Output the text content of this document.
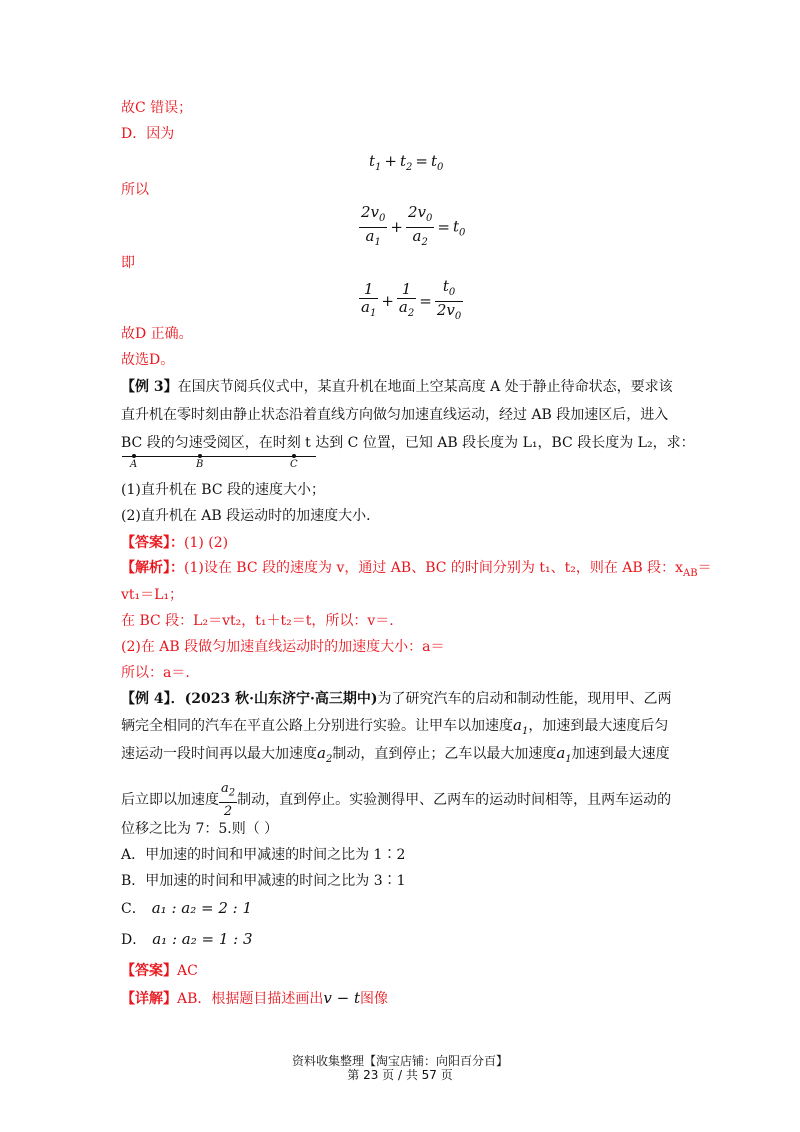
故C 错误；
D．因为
$t_1 + t_2 = t_0$
所以
$\frac{2v_0}{a_1} + \frac{2v_0}{a_2} = t_0$
即
$\frac{1}{a_1} + \frac{1}{a_2} = \frac{t_0}{2v_0}$
故D 正确。
故选D。
【例 3】在国庆节阅兵仪式中，某直升机在地面上空某高度 A 处于静止待命状态，要求该
直升机在零时刻由静止状态沿着直线方向做匀加速直线运动，经过 AB 段加速区后，进入
BC 段的匀速受阅区，在时刻 t 达到 C 位置，已知 AB 段长度为 L₁，BC 段长度为 L₂，求：
A	B	C
(1)直升机在 BC 段的速度大小；
(2)直升机在 AB 段运动时的加速度大小．
【答案】：(1) (2)
【解析】：(1)设在 BC 段的速度为 v，通过 AB、BC 的时间分别为 t₁、t₂，则在 AB 段：$x_{AB}=$
vt₁＝L₁；
在 BC 段：L₂＝vt₂，t₁＋t₂＝t，所以：v＝.
(2)在 AB 段做匀加速直线运动时的加速度大小：a＝
所以：a＝.
【例 4】．(2023 秋·山东济宁·高三期中)为了研究汽车的启动和制动性能，现用甲、乙两
辆完全相同的汽车在平直公路上分别进行实验。让甲车以加速度$a_1$，加速到最大速度后匀
速运动一段时间再以最大加速度$a_2$制动，直到停止；乙车以最大加速度$a_1$加速到最大速度
后立即以加速度 $\frac{a_2}{2}$ 制动，直到停止。实验测得甲、乙两车的运动时间相等，且两车运动的
位移之比为 7：5.则（ ）
A．甲加速的时间和甲减速的时间之比为 1∶2
B．甲加速的时间和甲减速的时间之比为 3∶1
C． a₁ : a₂ = 2 : 1
D． a₁ : a₂ = 1 : 3
【答案】AC
【详解】AB．根据题目描述画出v − t图像
资料收集整理【淘宝店铺：向阳百分百】
第 23 页 / 共 57 页
